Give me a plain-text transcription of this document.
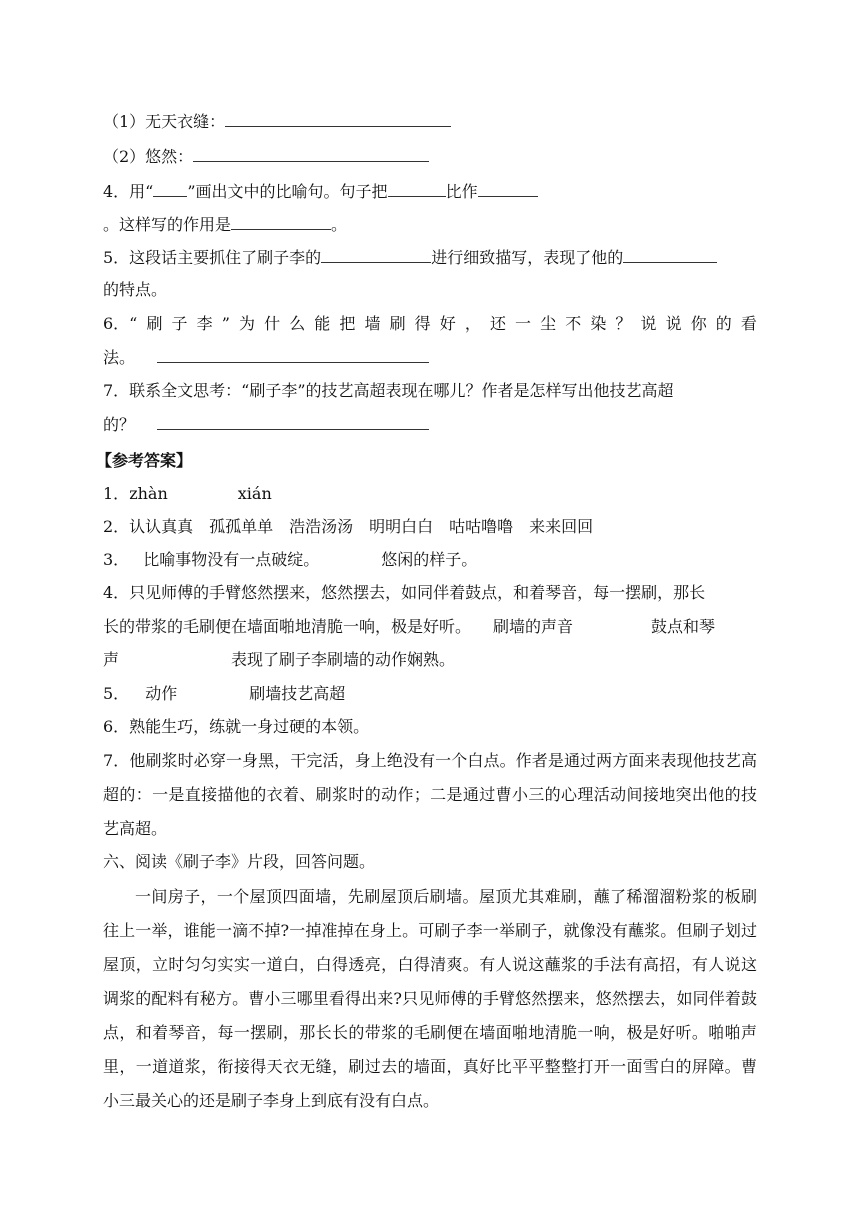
（1）无天衣缝：
（2）悠然：
4．用“ ”画出文中的比喻句。句子把	比作
。这样写的作用是	。
5．这段话主要抓住了刷子李的	进行细致描写，表现了他的
的特点。
6．“ 刷 子 李 ” 为 什 么 能 把 墙 刷 得 好 ， 还 一 尘 不 染 ？ 说 说 你 的 看
法。
7．联系全文思考：“刷子李”的技艺高超表现在哪儿？作者是怎样写出他技艺高超
的？
【参考答案】
1．zhàn	xián
2．认认真真　孤孤单单　浩浩汤汤　明明白白　咕咕噜噜　来来回回
3． 比喻事物没有一点破绽。	悠闲的样子。
4．只见师傅的手臂悠然摆来，悠然摆去，如同伴着鼓点，和着琴音，每一摆刷，那长
长的带浆的毛刷便在墙面啪地清脆一响，极是好听。 刷墙的声音	鼓点和琴
声	表现了刷子李刷墙的动作娴熟。
5． 动作	刷墙技艺高超
6．熟能生巧，练就一身过硬的本领。
7．他刷浆时必穿一身黑，干完活，身上绝没有一个白点。作者是通过两方面来表现他技艺高超的：一是直接描他的衣着、刷浆时的动作；二是通过曹小三的心理活动间接地突出他的技艺高超。
六、阅读《刷子李》片段，回答问题。
一间房子，一个屋顶四面墙，先刷屋顶后刷墙。屋顶尤其难刷，蘸了稀溜溜粉浆的板刷往上一举，谁能一滴不掉?一掉准掉在身上。可刷子李一举刷子，就像没有蘸浆。但刷子划过屋顶，立时匀匀实实一道白，白得透亮，白得清爽。有人说这蘸浆的手法有高招，有人说这调浆的配料有秘方。曹小三哪里看得出来?只见师傅的手臂悠然摆来，悠然摆去，如同伴着鼓点，和着琴音，每一摆刷，那长长的带浆的毛刷便在墙面啪地清脆一响，极是好听。啪啪声里，一道道浆，衔接得天衣无缝，刷过去的墙面，真好比平平整整打开一面雪白的屏障。曹小三最关心的还是刷子李身上到底有没有白点。
